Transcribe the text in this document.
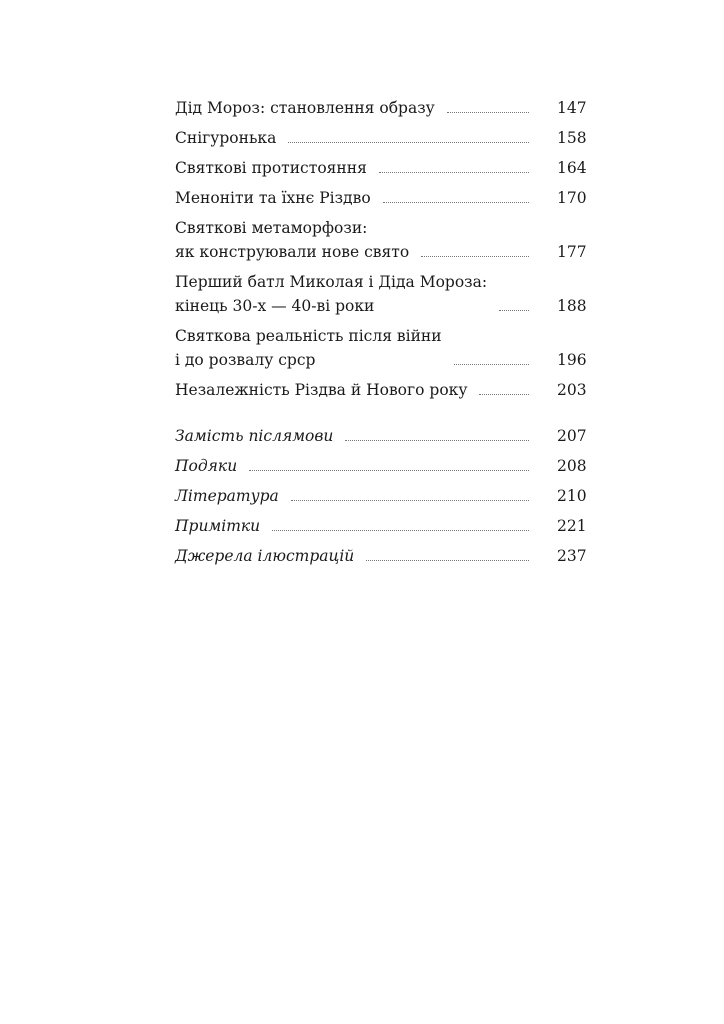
Дід Мороз: становлення образу	147
Снігуронька	158
Святкові протистояння	164
Меноніти та їхнє Різдво	170
Святкові метаморфози:
як конструювали нове свято	177
Перший батл Миколая і Діда Мороза:
кінець 30-х — 40-ві роки	188
Святкова реальність після війни
і до розвалу срср	196
Незалежність Різдва й Нового року	203
Замість післямови	207
Подяки	208
Література	210
Примітки	221
Джерела ілюстрацій	237
